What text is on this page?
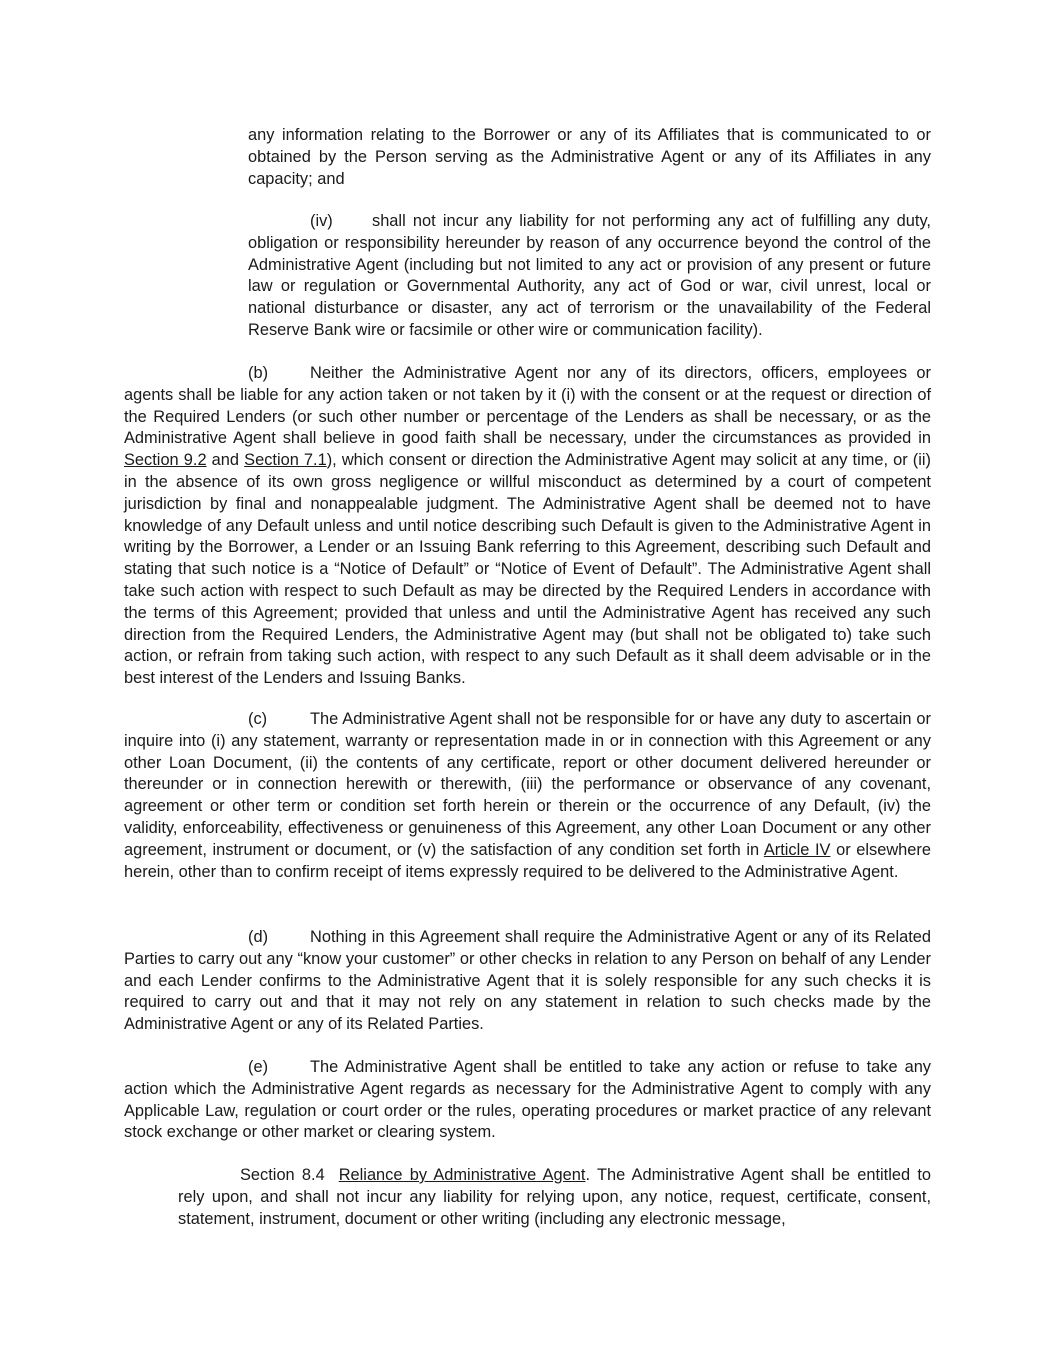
any information relating to the Borrower or any of its Affiliates that is communicated to or obtained by the Person serving as the Administrative Agent or any of its Affiliates in any capacity; and

(iv) shall not incur any liability for not performing any act of fulfilling any duty, obligation or responsibility hereunder by reason of any occurrence beyond the control of the Administrative Agent (including but not limited to any act or provision of any present or future law or regulation or Governmental Authority, any act of God or war, civil unrest, local or national disturbance or disaster, any act of terrorism or the unavailability of the Federal Reserve Bank wire or facsimile or other wire or communication facility).

(b)	Neither the Administrative Agent nor any of its directors, officers, employees or agents shall be liable for any action taken or not taken by it (i) with the consent or at the request or direction of the Required Lenders (or such other number or percentage of the Lenders as shall be necessary, or as the Administrative Agent shall believe in good faith shall be necessary, under the circumstances as provided in Section 9.2 and Section 7.1), which consent or direction the Administrative Agent may solicit at any time, or (ii) in the absence of its own gross negligence or willful misconduct as determined by a court of competent jurisdiction by final and nonappealable judgment. The Administrative Agent shall be deemed not to have knowledge of any Default unless and until notice describing such Default is given to the Administrative Agent in writing by the Borrower, a Lender or an Issuing Bank referring to this Agreement, describing such Default and stating that such notice is a “Notice of Default” or “Notice of Event of Default”. The Administrative Agent shall take such action with respect to such Default as may be directed by the Required Lenders in accordance with the terms of this Agreement; provided that unless and until the Administrative Agent has received any such direction from the Required Lenders, the Administrative Agent may (but shall not be obligated to) take such action, or refrain from taking such action, with respect to any such Default as it shall deem advisable or in the best interest of the Lenders and Issuing Banks.

(c)	The Administrative Agent shall not be responsible for or have any duty to ascertain or inquire into (i) any statement, warranty or representation made in or in connection with this Agreement or any other Loan Document, (ii) the contents of any certificate, report or other document delivered hereunder or thereunder or in connection herewith or therewith, (iii) the performance or observance of any covenant, agreement or other term or condition set forth herein or therein or the occurrence of any Default, (iv) the validity, enforceability, effectiveness or genuineness of this Agreement, any other Loan Document or any other agreement, instrument or document, or (v) the satisfaction of any condition set forth in Article IV or elsewhere herein, other than to confirm receipt of items expressly required to be delivered to the Administrative Agent.

(d)	Nothing in this Agreement shall require the Administrative Agent or any of its Related Parties to carry out any “know your customer” or other checks in relation to any Person on behalf of any Lender and each Lender confirms to the Administrative Agent that it is solely responsible for any such checks it is required to carry out and that it may not rely on any statement in relation to such checks made by the Administrative Agent or any of its Related Parties.

(e)	The Administrative Agent shall be entitled to take any action or refuse to take any action which the Administrative Agent regards as necessary for the Administrative Agent to comply with any Applicable Law, regulation or court order or the rules, operating procedures or market practice of any relevant stock exchange or other market or clearing system.

Section 8.4 Reliance by Administrative Agent. The Administrative Agent shall be entitled to rely upon, and shall not incur any liability for relying upon, any notice, request, certificate, consent, statement, instrument, document or other writing (including any electronic message,
